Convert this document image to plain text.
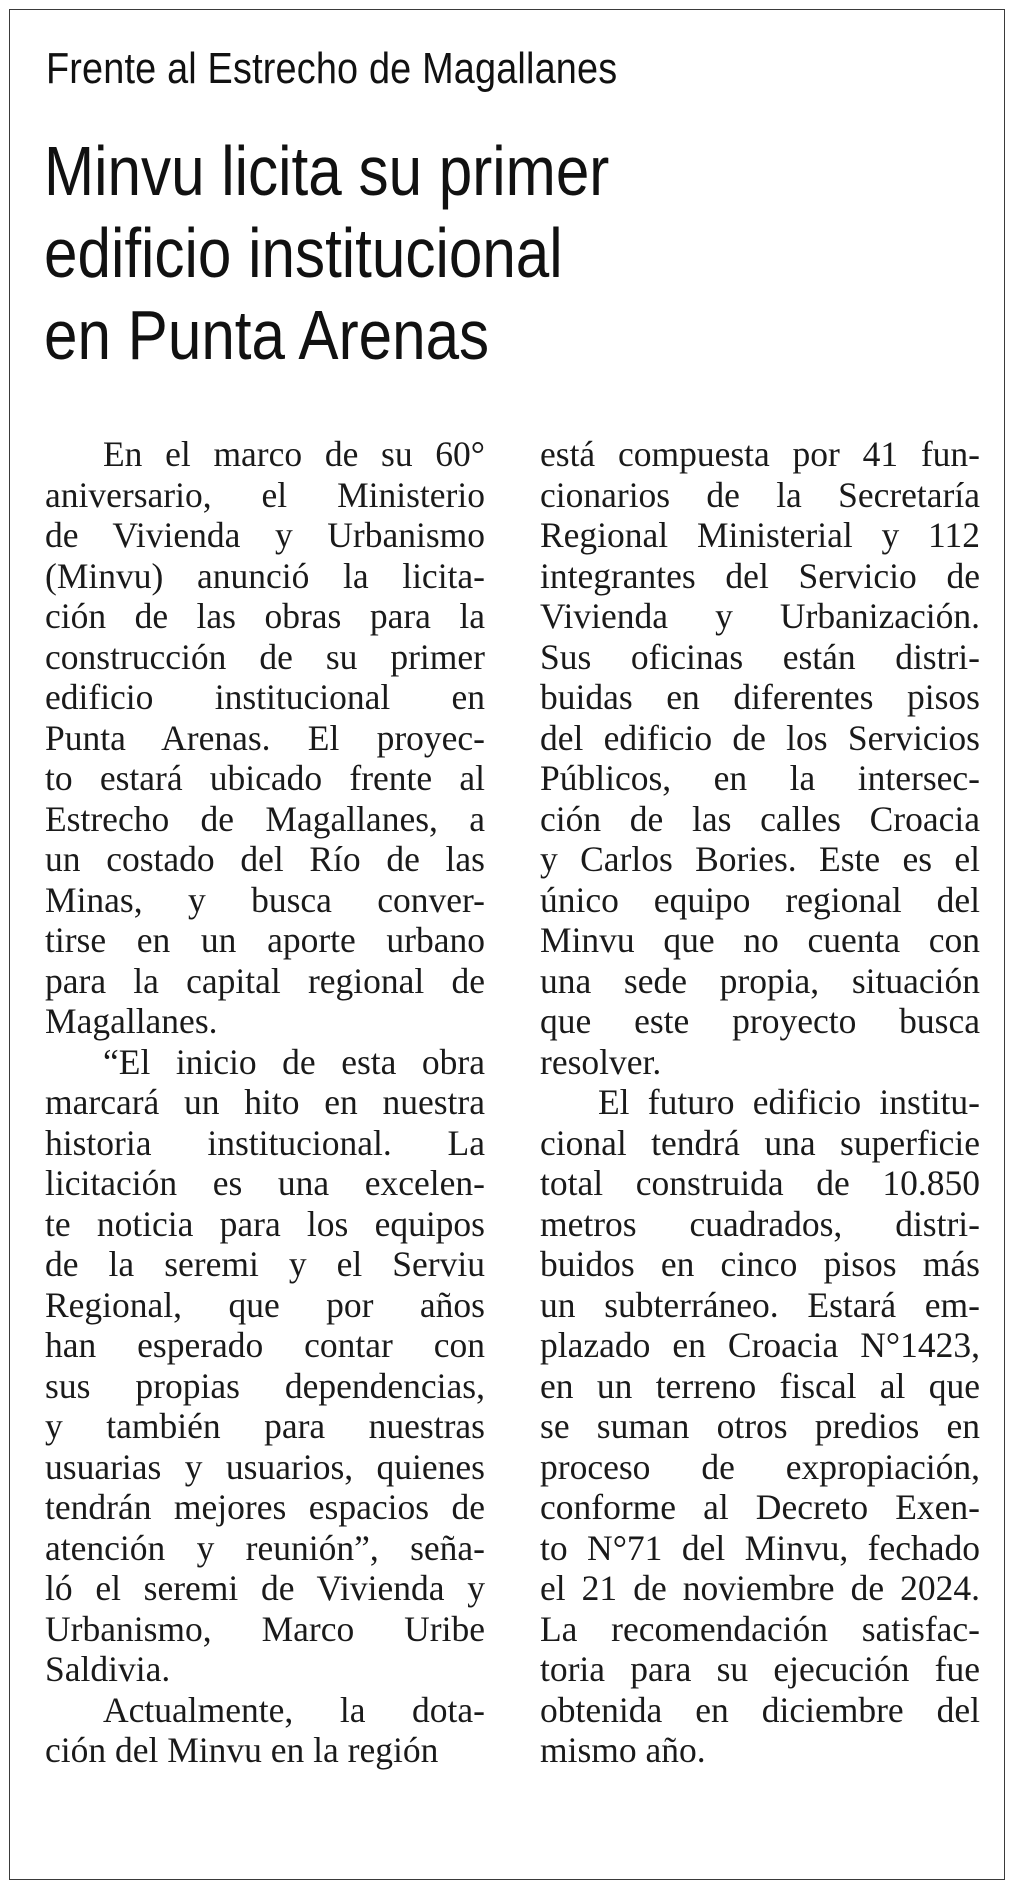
Frente al Estrecho de Magallanes
Minvu licita su primer
edificio institucional
en Punta Arenas
En el marco de su 60°
aniversario, el Ministerio
de Vivienda y Urbanismo
(Minvu) anunció la licita-
ción de las obras para la
construcción de su primer
edificio institucional en
Punta Arenas. El proyec-
to estará ubicado frente al
Estrecho de Magallanes, a
un costado del Río de las
Minas, y busca conver-
tirse en un aporte urbano
para la capital regional de
Magallanes.
“El inicio de esta obra
marcará un hito en nuestra
historia institucional. La
licitación es una excelen-
te noticia para los equipos
de la seremi y el Serviu
Regional, que por años
han esperado contar con
sus propias dependencias,
y también para nuestras
usuarias y usuarios, quienes
tendrán mejores espacios de
atención y reunión”, seña-
ló el seremi de Vivienda y
Urbanismo, Marco Uribe
Saldivia.
Actualmente, la dota-
ción del Minvu en la región
está compuesta por 41 fun-
cionarios de la Secretaría
Regional Ministerial y 112
integrantes del Servicio de
Vivienda y Urbanización.
Sus oficinas están distri-
buidas en diferentes pisos
del edificio de los Servicios
Públicos, en la intersec-
ción de las calles Croacia
y Carlos Bories. Este es el
único equipo regional del
Minvu que no cuenta con
una sede propia, situación
que este proyecto busca
resolver.
El futuro edificio institu-
cional tendrá una superficie
total construida de 10.850
metros cuadrados, distri-
buidos en cinco pisos más
un subterráneo. Estará em-
plazado en Croacia N°1423,
en un terreno fiscal al que
se suman otros predios en
proceso de expropiación,
conforme al Decreto Exen-
to N°71 del Minvu, fechado
el 21 de noviembre de 2024.
La recomendación satisfac-
toria para su ejecución fue
obtenida en diciembre del
mismo año.
